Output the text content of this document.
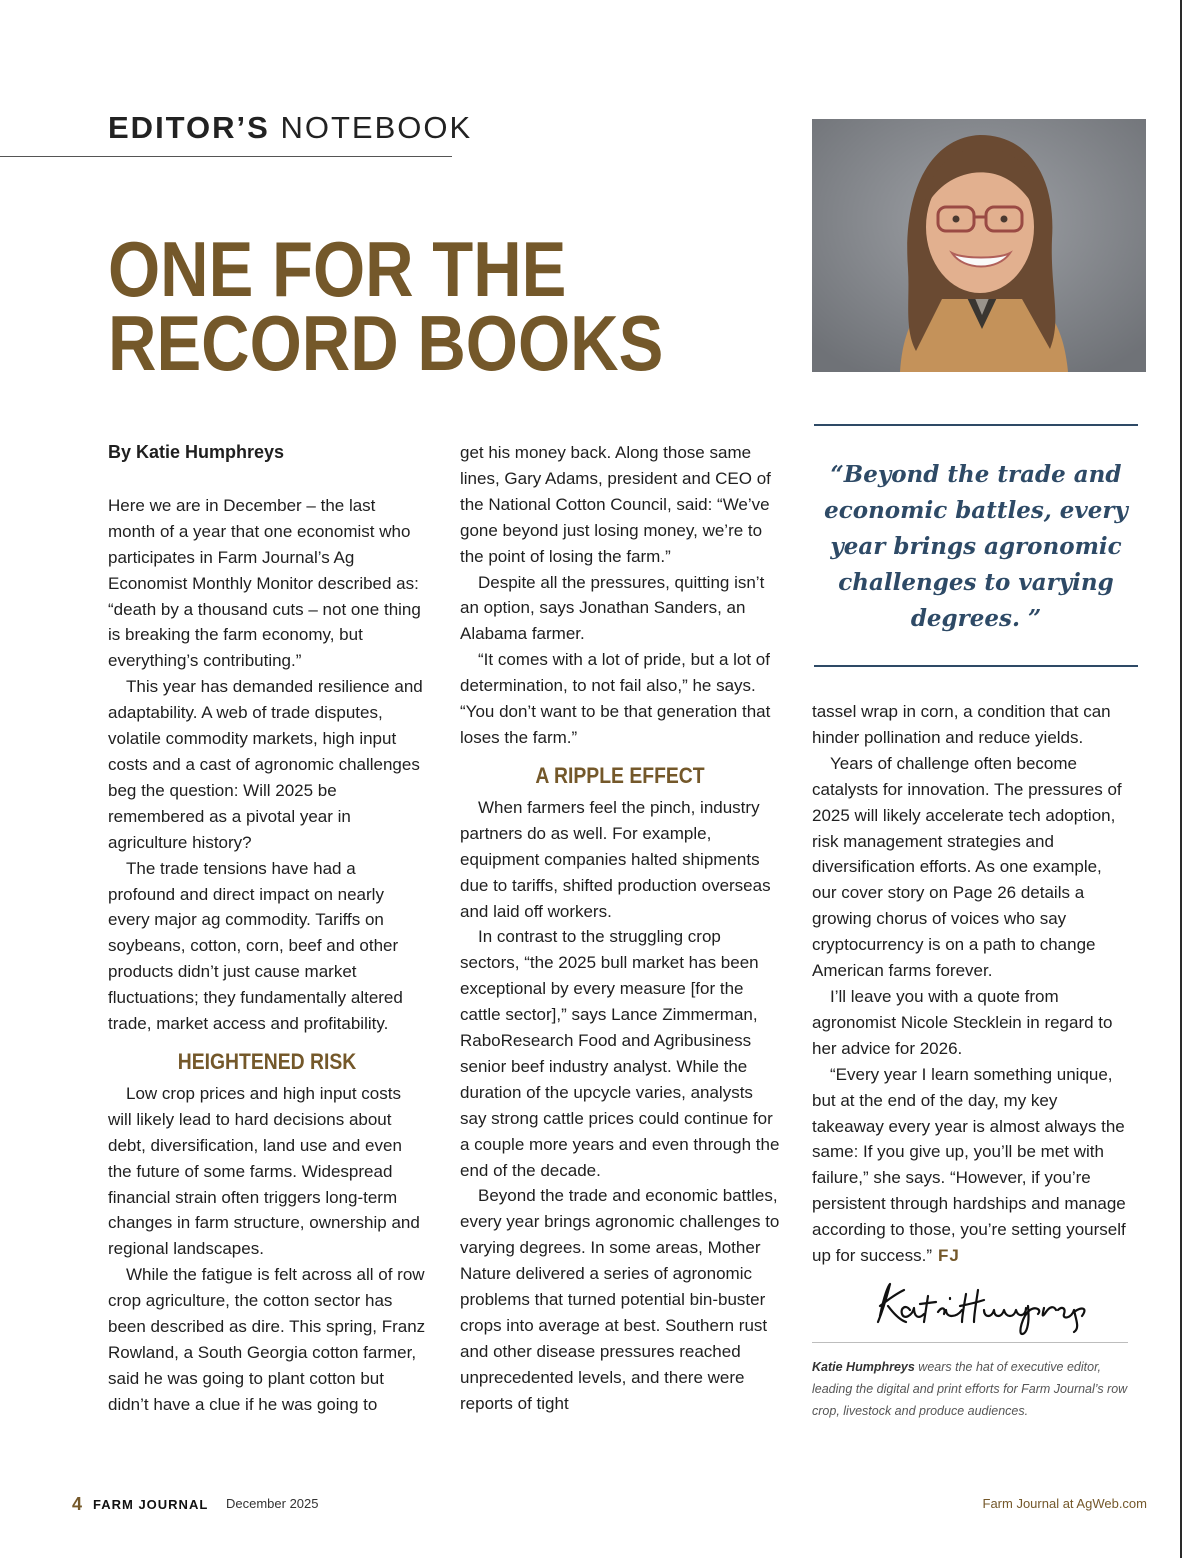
EDITOR’S NOTEBOOK
ONE FOR THE
RECORD BOOKS
“Beyond the trade and economic battles, every year brings agronomic challenges to varying degrees. ”

By Katie Humphreys

Here we are in December – the last month of a year that one economist who participates in Farm Journal’s Ag Economist Monthly Monitor described as: “death by a thousand cuts – not one thing is breaking the farm economy, but everything’s contributing.”

This year has demanded resilience and adaptability. A web of trade disputes, volatile commodity markets, high input costs and a cast of agronomic challenges beg the question: Will 2025 be remembered as a pivotal year in agriculture history?

The trade tensions have had a profound and direct impact on nearly every major ag commodity. Tariffs on soybeans, cotton, corn, beef and other products didn’t just cause market fluctuations; they fundamentally altered trade, market access and profitability.

HEIGHTENED RISK

Low crop prices and high input costs will likely lead to hard decisions about debt, diversification, land use and even the future of some farms. Widespread financial strain often triggers long-term changes in farm structure, ownership and regional landscapes.

While the fatigue is felt across all of row crop agriculture, the cotton sector has been described as dire. This spring, Franz Rowland, a South Georgia cotton farmer, said he was going to plant cotton but didn’t have a clue if he was going to

get his money back. Along those same lines, Gary Adams, president and CEO of the National Cotton Council, said: “We’ve gone beyond just losing money, we’re to the point of losing the farm.”

Despite all the pressures, quitting isn’t an option, says Jonathan Sanders, an Alabama farmer.

“It comes with a lot of pride, but a lot of determination, to not fail also,” he says. “You don’t want to be that generation that loses the farm.”

A RIPPLE EFFECT

When farmers feel the pinch, industry partners do as well. For example, equipment companies halted shipments due to tariffs, shifted production overseas and laid off workers.

In contrast to the struggling crop sectors, “the 2025 bull market has been exceptional by every measure [for the cattle sector],” says Lance Zimmerman, RaboResearch Food and Agribusiness senior beef industry analyst. While the duration of the upcycle varies, analysts say strong cattle prices could continue for a couple more years and even through the end of the decade.

Beyond the trade and economic battles, every year brings agronomic challenges to varying degrees. In some areas, Mother Nature delivered a series of agronomic problems that turned potential bin-buster crops into average at best. Southern rust and other disease pressures reached unprecedented levels, and there were reports of tight

tassel wrap in corn, a condition that can hinder pollination and reduce yields.

Years of challenge often become catalysts for innovation. The pressures of 2025 will likely accelerate tech adoption, risk management strategies and diversification efforts. As one example, our cover story on Page 26 details a growing chorus of voices who say cryptocurrency is on a path to change American farms forever.

I’ll leave you with a quote from agronomist Nicole Stecklein in regard to her advice for 2026.

“Every year I learn something unique, but at the end of the day, my key takeaway every year is almost always the same: If you give up, you’ll be met with failure,” she says. “However, if you’re persistent through hardships and manage according to those, you’re setting yourself up for success.” FJ

Katie Humphreys wears the hat of executive editor, leading the digital and print efforts for Farm Journal’s row crop, livestock and produce audiences.
4 FARM JOURNAL December 2025	Farm Journal at AgWeb.com
